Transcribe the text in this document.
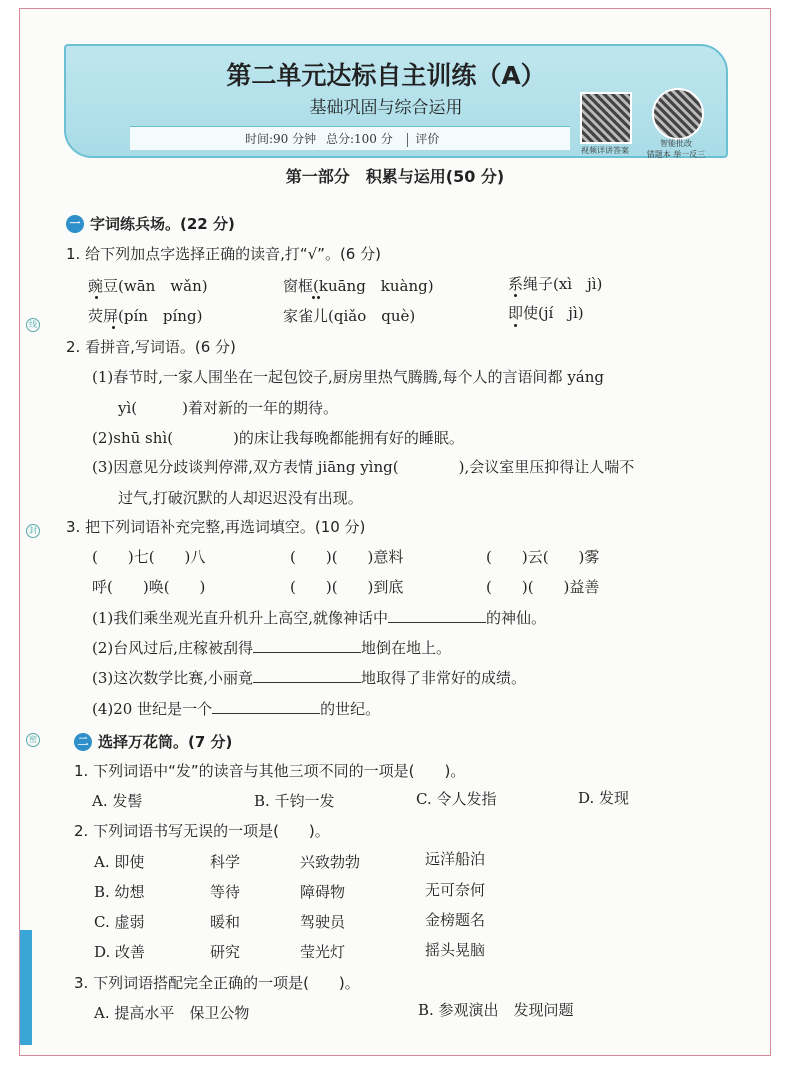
线
封
密
第二单元达标自主训练（A）
基础巩固与综合运用
时间:90 分钟 总分:100 分 评价
视频详讲答案
智能批改
错题本 举一反三
第一部分　积累与运用(50 分)
一 字词练兵场。(22 分)
1. 给下列加点字选择正确的读音,打“√”。(6 分)
豌豆(wān　wǎn)	窗框(kuāng　kuàng)	系绳子(xì　jì)
荧屏(pín　píng)	家雀儿(qiǎo　què)	即使(jí　jì)
2. 看拼音,写词语。(6 分)
(1)春节时,一家人围坐在一起包饺子,厨房里热气腾腾,每个人的言语间都 yáng
yì(　　　)着对新的一年的期待。
(2)shū shì(　　　　)的床让我每晚都能拥有好的睡眠。
(3)因意见分歧谈判停滞,双方表情 jiāng yìng(　　　　),会议室里压抑得让人喘不
过气,打破沉默的人却迟迟没有出现。
3. 把下列词语补充完整,再选词填空。(10 分)
(　　)七(　　)八	(　　)(　　)意料	(　　)云(　　)雾
呼(　　)唤(　　)	(　　)(　　)到底	(　　)(　　)益善
(1)我们乘坐观光直升机升上高空,就像神话中	的神仙。
(2)台风过后,庄稼被刮得	地倒在地上。
(3)这次数学比赛,小丽竟	地取得了非常好的成绩。
(4)20 世纪是一个	的世纪。
二 选择万花筒。(7 分)
1. 下列词语中“发”的读音与其他三项不同的一项是(　　)。
A. 发髻	B. 千钧一发	C. 令人发指	D. 发现
2. 下列词语书写无误的一项是(　　)。
A. 即使	科学	兴致勃勃	远洋船泊
B. 幼想	等待	障碍物	无可奈何
C. 虚弱	暖和	驾驶员	金榜题名
D. 改善	研究	莹光灯	摇头晃脑
3. 下列词语搭配完全正确的一项是(　　)。
A. 提高水平　保卫公物	B. 参观演出　发现问题
